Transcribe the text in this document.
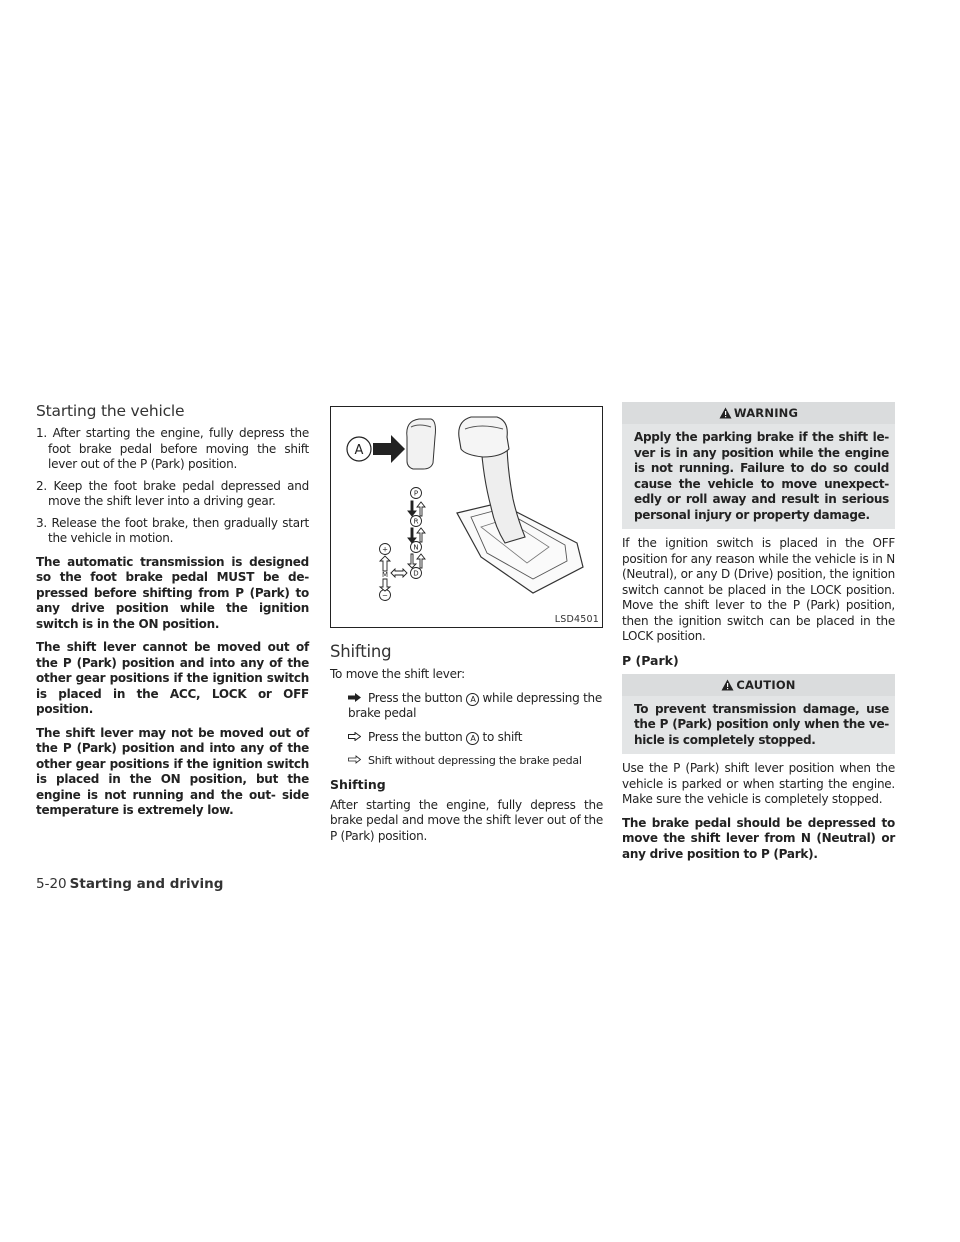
Starting the vehicle
1. After starting the engine, fully depress the foot brake pedal before moving the shift lever out of the P (Park) position.
2. Keep the foot brake pedal depressed and move the shift lever into a driving gear.
3. Release the foot brake, then gradually start the vehicle in motion.

The automatic transmission is designed so the foot brake pedal MUST be de- pressed before shifting from P (Park) to any drive position while the ignition switch is in the ON position.

The shift lever cannot be moved out of the P (Park) position and into any of the other gear positions if the ignition switch is placed in the ACC, LOCK or OFF position.

The shift lever may not be moved out of the P (Park) position and into any of the other gear positions if the ignition switch is placed in the ON position, but the engine is not running and the out- side temperature is extremely low.

A
P
R
N
D
+
M
−
LSD4501
Shifting

To move the shift lever:

Press the button A while depressing the brake pedal
Press the button A to shift
Shift without depressing the brake pedal
Shifting

After starting the engine, fully depress the brake pedal and move the shift lever out of the P (Park) position.

WARNING
Apply the parking brake if the shift le- ver is in any position while the engine is not running. Failure to do so could cause the vehicle to move unexpect- edly or roll away and result in serious personal injury or property damage.

If the ignition switch is placed in the OFF position for any reason while the vehicle is in N (Neutral), or any D (Drive) position, the ignition switch cannot be placed in the LOCK position. Move the shift lever to the P (Park) position, then the ignition switch can be placed in the LOCK position.

P (Park)
CAUTION
To prevent transmission damage, use the P (Park) position only when the ve- hicle is completely stopped.

Use the P (Park) shift lever position when the vehicle is parked or when starting the engine. Make sure the vehicle is completely stopped.

The brake pedal should be depressed to move the shift lever from N (Neutral) or any drive position to P (Park).

5-20 Starting and driving
